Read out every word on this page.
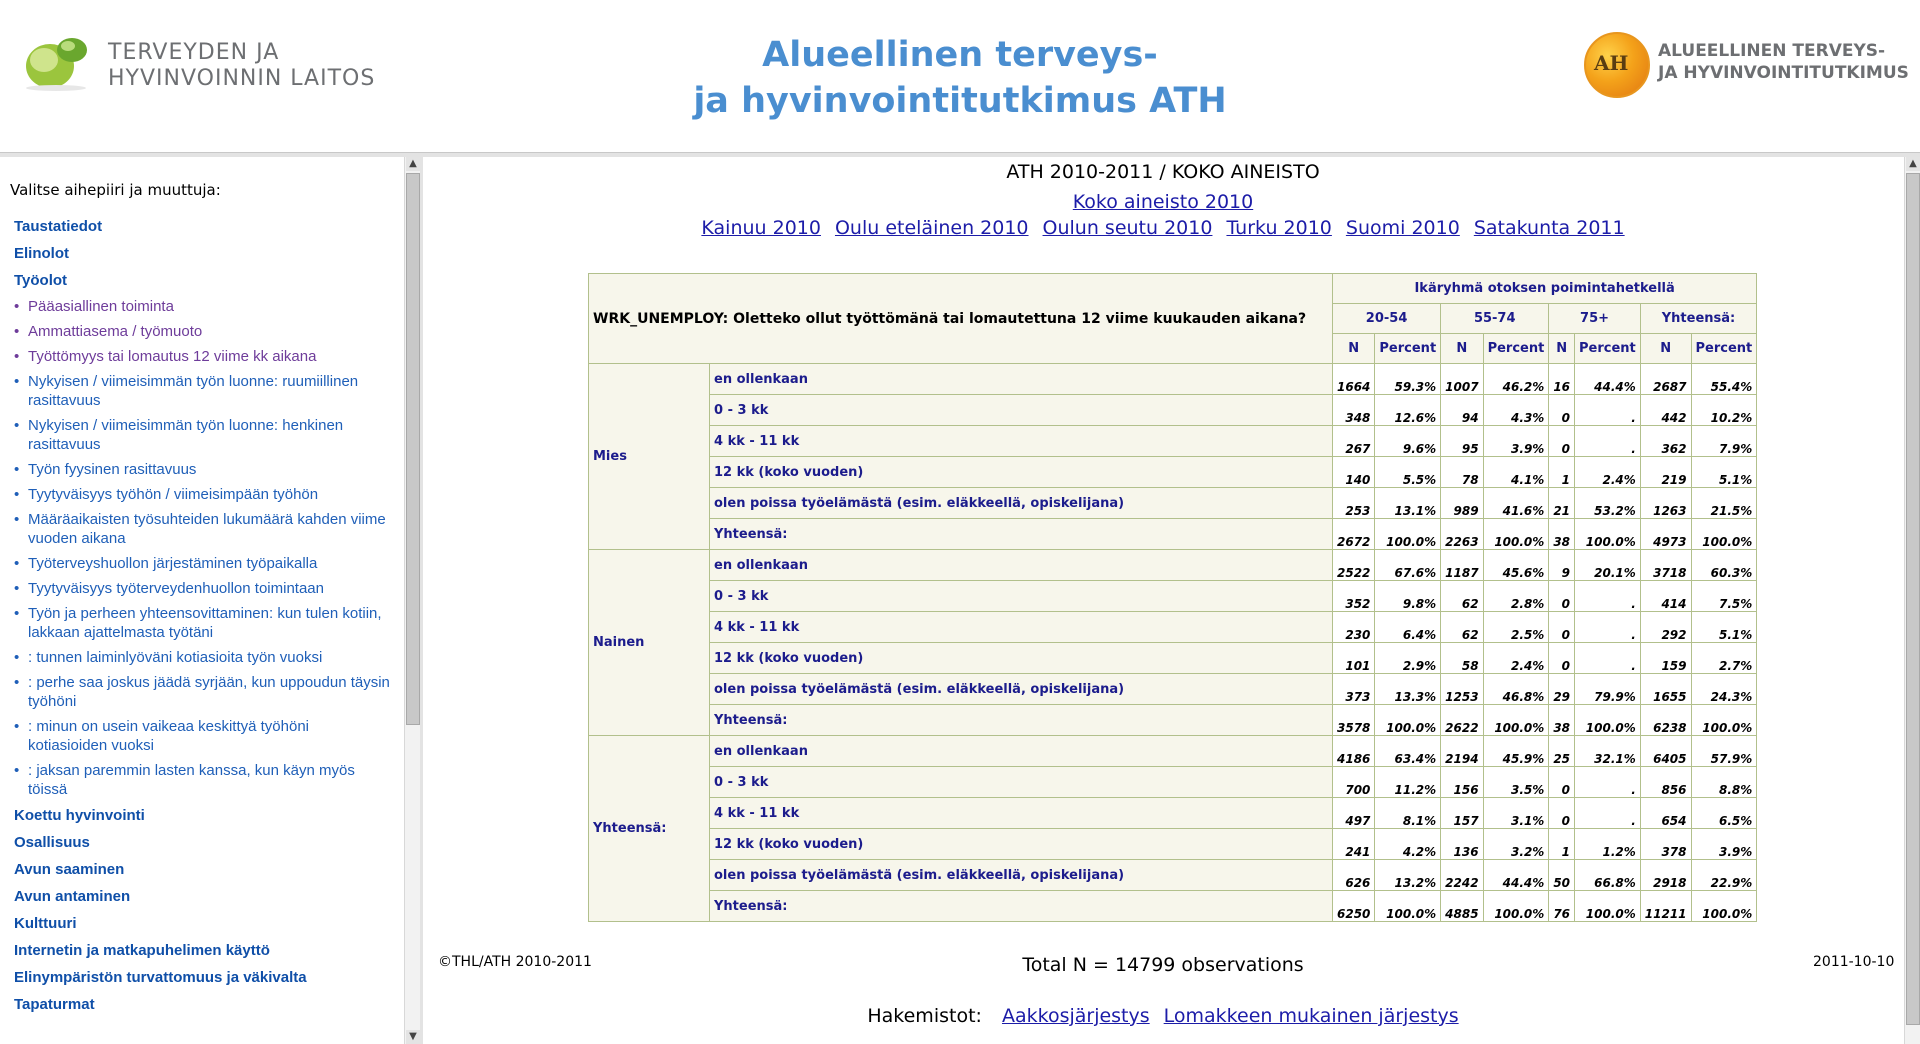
TERVEYDEN JA
HYVINVOINNIN LAITOS
Alueellinen terveys-
ja hyvinvointitutkimus ATH
AH ALUEELLINEN TERVEYS-
JA HYVINVOINTITUTKIMUS
Valitse aihepiiri ja muuttuja:
Taustatiedot
Elinolot
Työolot
• Pääasiallinen toiminta
• Ammattiasema / työmuoto
• Työttömyys tai lomautus 12 viime kk aikana
• Nykyisen / viimeisimmän työn luonne: ruumiillinen rasittavuus
• Nykyisen / viimeisimmän työn luonne: henkinen rasittavuus
• Työn fyysinen rasittavuus
• Tyytyväisyys työhön / viimeisimpään työhön
• Määräaikaisten työsuhteiden lukumäärä kahden viime vuoden aikana
• Työterveyshuollon järjestäminen työpaikalla
• Tyytyväisyys työterveydenhuollon toimintaan
• Työn ja perheen yhteensovittaminen: kun tulen kotiin, lakkaan ajattelmasta työtäni
• : tunnen laiminlyöväni kotiasioita työn vuoksi
• : perhe saa joskus jäädä syrjään, kun uppoudun täysin työhöni
• : minun on usein vaikeaa keskittyä työhöni kotiasioiden vuoksi
• : jaksan paremmin lasten kanssa, kun käyn myös töissä
Koettu hyvinvointi
Osallisuus
Avun saaminen
Avun antaminen
Kulttuuri
Internetin ja matkapuhelimen käyttö
Elinympäristön turvattomuus ja väkivalta
Tapaturmat
▲
▼
ATH 2010-2011 / KOKO AINEISTO
Koko aineisto 2010
Kainuu 2010 Oulu eteläinen 2010 Oulun seutu 2010 Turku 2010 Suomi 2010 Satakunta 2011
WRK_UNEMPLOY: Oletteko ollut työttömänä tai lomautettuna 12 viime kuukauden aikana?		Ikäryhmä otoksen poimintahetkellä							
		20-54		55-74		75+		Yhteensä:	
		N	Percent	N	Percent	N	Percent	N	Percent
Mies	en ollenkaan	1664	59.3%	1007	46.2%	16	44.4%	2687	55.4%
	0 - 3 kk	348	12.6%	94	4.3%	0	.	442	10.2%
	4 kk - 11 kk	267	9.6%	95	3.9%	0	.	362	7.9%
	12 kk (koko vuoden)	140	5.5%	78	4.1%	1	2.4%	219	5.1%
	olen poissa työelämästä (esim. eläkkeellä, opiskelijana)	253	13.1%	989	41.6%	21	53.2%	1263	21.5%
	Yhteensä:	2672	100.0%	2263	100.0%	38	100.0%	4973	100.0%
Nainen	en ollenkaan	2522	67.6%	1187	45.6%	9	20.1%	3718	60.3%
	0 - 3 kk	352	9.8%	62	2.8%	0	.	414	7.5%
	4 kk - 11 kk	230	6.4%	62	2.5%	0	.	292	5.1%
	12 kk (koko vuoden)	101	2.9%	58	2.4%	0	.	159	2.7%
	olen poissa työelämästä (esim. eläkkeellä, opiskelijana)	373	13.3%	1253	46.8%	29	79.9%	1655	24.3%
	Yhteensä:	3578	100.0%	2622	100.0%	38	100.0%	6238	100.0%
Yhteensä:	en ollenkaan	4186	63.4%	2194	45.9%	25	32.1%	6405	57.9%
	0 - 3 kk	700	11.2%	156	3.5%	0	.	856	8.8%
	4 kk - 11 kk	497	8.1%	157	3.1%	0	.	654	6.5%
	12 kk (koko vuoden)	241	4.2%	136	3.2%	1	1.2%	378	3.9%
	olen poissa työelämästä (esim. eläkkeellä, opiskelijana)	626	13.2%	2242	44.4%	50	66.8%	2918	22.9%
	Yhteensä:	6250	100.0%	4885	100.0%	76	100.0%	11211	100.0%
©THL/ATH 2010-2011	Total N = 14799 observations	2011-10-10
Hakemistot: Aakkosjärjestys Lomakkeen mukainen järjestys
▲
